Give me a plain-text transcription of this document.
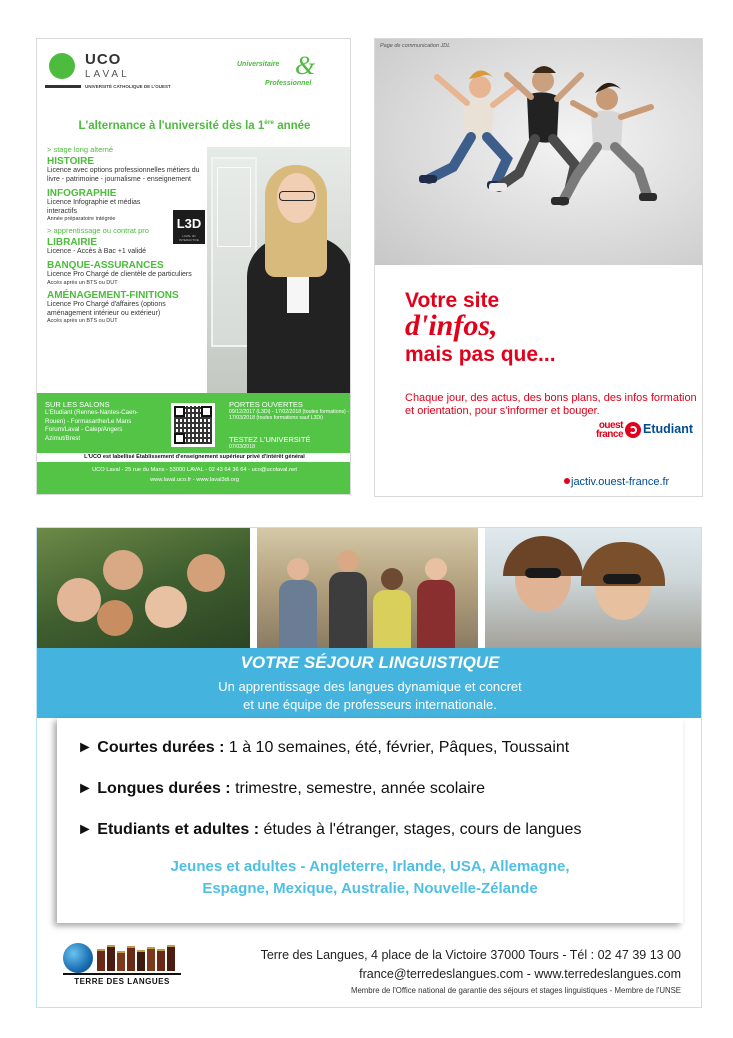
UCO
LAVAL
UNIVERSITÉ CATHOLIQUE DE L'OUEST
Universitaire &
Professionnel
L'alternance à l'université dès la 1ère année
> stage long alterné
HISTOIRE
Licence avec options professionnelles métiers du livre - patrimoine - journalisme - enseignement
INFOGRAPHIE
Licence Infographie et médias interactifs
Année préparatoire intégrée
> apprentissage ou contrat pro
LIBRAIRIE
Licence - Accès à Bac +1 validé
BANQUE-ASSURANCES
Licence Pro Chargé de clientèle de particuliers
Accès après un BTS ou DUT
AMÉNAGEMENT-FINITIONS
Licence Pro Chargé d'affaires (options aménagement intérieur ou extérieur)
Accès après un BTS ou DUT
L3D
LAVAL 3D INTERACTIVE
SUR LES SALONS
L'Etudiant (Rennes-Nantes-Caen-Rouen) - Formasarthe/Le Mans Forum/Laval - Calep/Angers Azimut/Brest
PORTES OUVERTES
09/12/2017 (L3Di) - 17/02/2018 (toutes formations) - 17/03/2018 (toutes formations sauf L3Di)
TESTEZ L'UNIVERSITÉ
07/03/2018
L'UCO est labellisé Établissement d'enseignement supérieur privé d'intérêt général
UCO Laval - 25 rue du Mans - 53000 LAVAL - 02 43 64 36 64 - uco@ucolaval.net
www.laval.uco.fr - www.laval3di.org
Page de communication JDL
Votre site
d'infos,
mais pas que...
Chaque jour, des actus, des bons plans, des infos formation et orientation, pour s'informer et bouger.
ouest
france Etudiant
jactiv.ouest-france.fr
VOTRE SÉJOUR LINGUISTIQUE
Un apprentissage des langues dynamique et concret
et une équipe de professeurs internationale.
► Courtes durées : 1 à 10 semaines, été, février, Pâques, Toussaint
► Longues durées : trimestre, semestre, année scolaire
► Etudiants et adultes : études à l'étranger, stages, cours de langues
Jeunes et adultes - Angleterre, Irlande, USA, Allemagne,
Espagne, Mexique, Australie, Nouvelle-Zélande
TERRE DES LANGUES
Terre des Langues, 4 place de la Victoire 37000 Tours - Tél : 02 47 39 13 00
france@terredeslangues.com - www.terredeslangues.com
Membre de l'Office national de garantie des séjours et stages linguistiques - Membre de l'UNSE
